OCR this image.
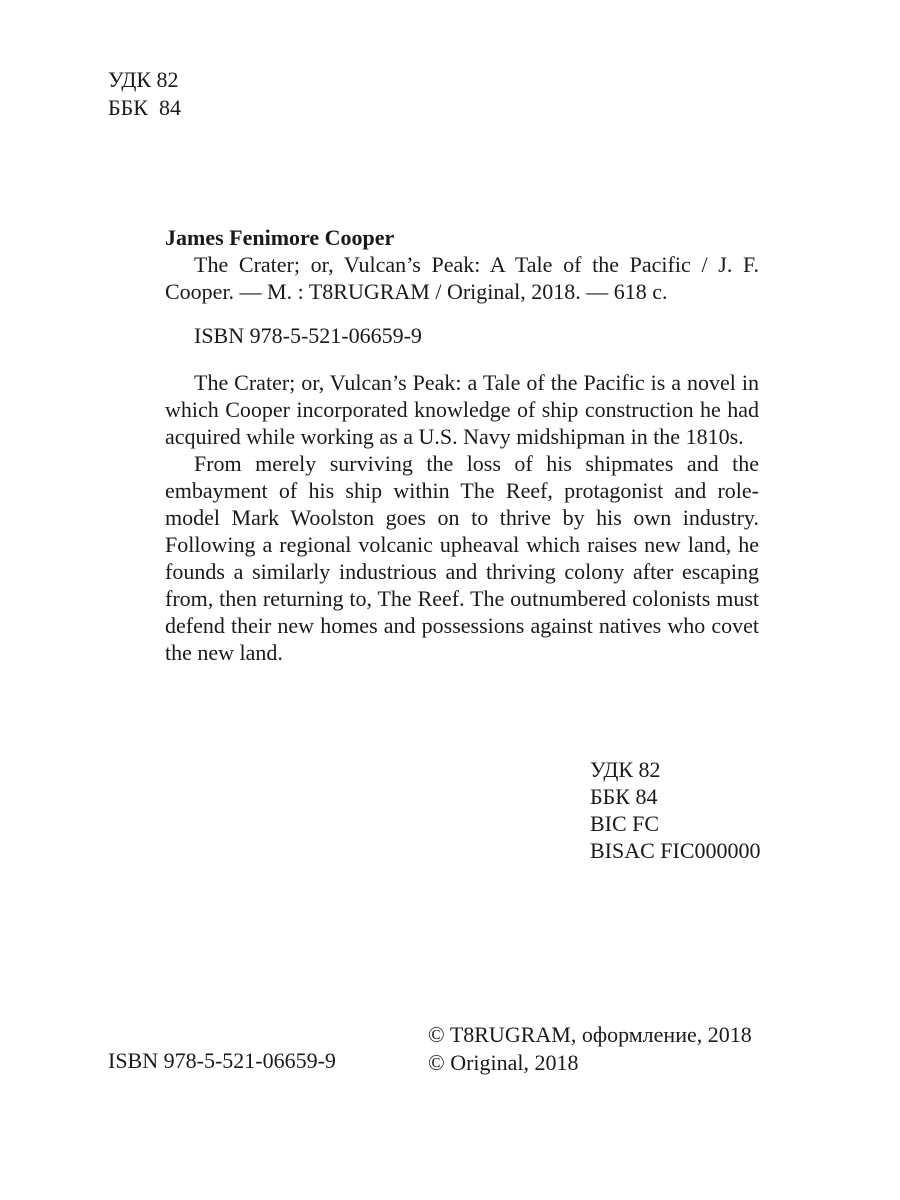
УДК 82
ББК  84
James Fenimore Cooper

The Crater; or, Vulcan’s Peak: A Tale of the Pacific / J. F. Cooper. — M. : T8RUGRAM / Original, 2018. — 618 c.

ISBN 978-5-521-06659-9

The Crater; or, Vulcan’s Peak: a Tale of the Pacific is a novel in which Cooper incorporated knowledge of ship construction he had acquired while working as a U.S. Navy midshipman in the 1810s.

From merely surviving the loss of his shipmates and the embayment of his ship within The Reef, protagonist and role-model Mark Woolston goes on to thrive by his own industry. Following a regional volcanic upheaval which raises new land, he founds a similarly industrious and thriving colony after escaping from, then returning to, The Reef. The outnumbered colonists must defend their new homes and possessions against natives who covet the new land.

УДК 82
ББК 84
BIC FC
BISAC FIC000000
ISBN 978-5-521-06659-9
© T8RUGRAM, оформление, 2018
© Original, 2018
